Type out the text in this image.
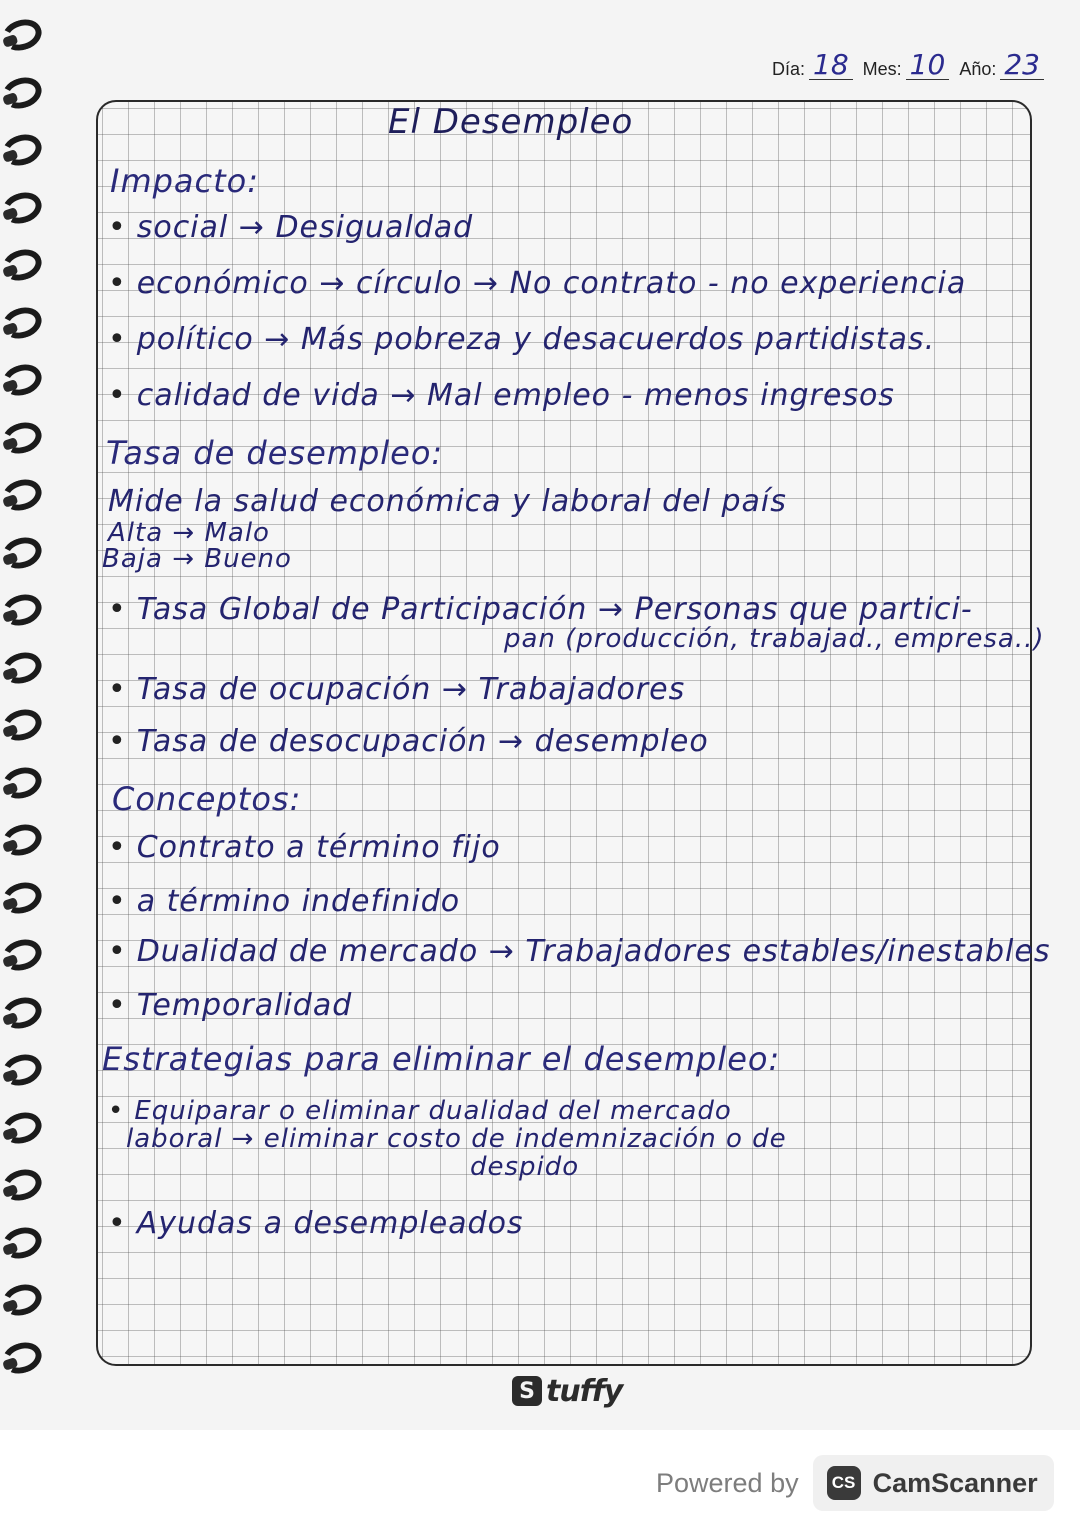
Día: 18 Mes: 10 Año: 23
El Desempleo
Impacto:
• social → Desigualdad
• económico → círculo → No contrato - no experiencia
• político → Más pobreza y desacuerdos partidistas.
• calidad de vida → Mal empleo - menos ingresos
Tasa de desempleo:
Mide la salud económica y laboral del país
Alta → Malo
Baja → Bueno
• Tasa Global de Participación → Personas que partici-
pan (producción, trabajad., empresa..)
• Tasa de ocupación → Trabajadores
• Tasa de desocupación → desempleo
Conceptos:
• Contrato a término fijo
• a término indefinido
• Dualidad de mercado → Trabajadores estables/inestables
• Temporalidad
Estrategias para eliminar el desempleo:
• Equiparar o eliminar dualidad del mercado
laboral → eliminar costo de indemnización o de
despido
• Ayudas a desempleados
S tuffy
Powered by	CS CamScanner
